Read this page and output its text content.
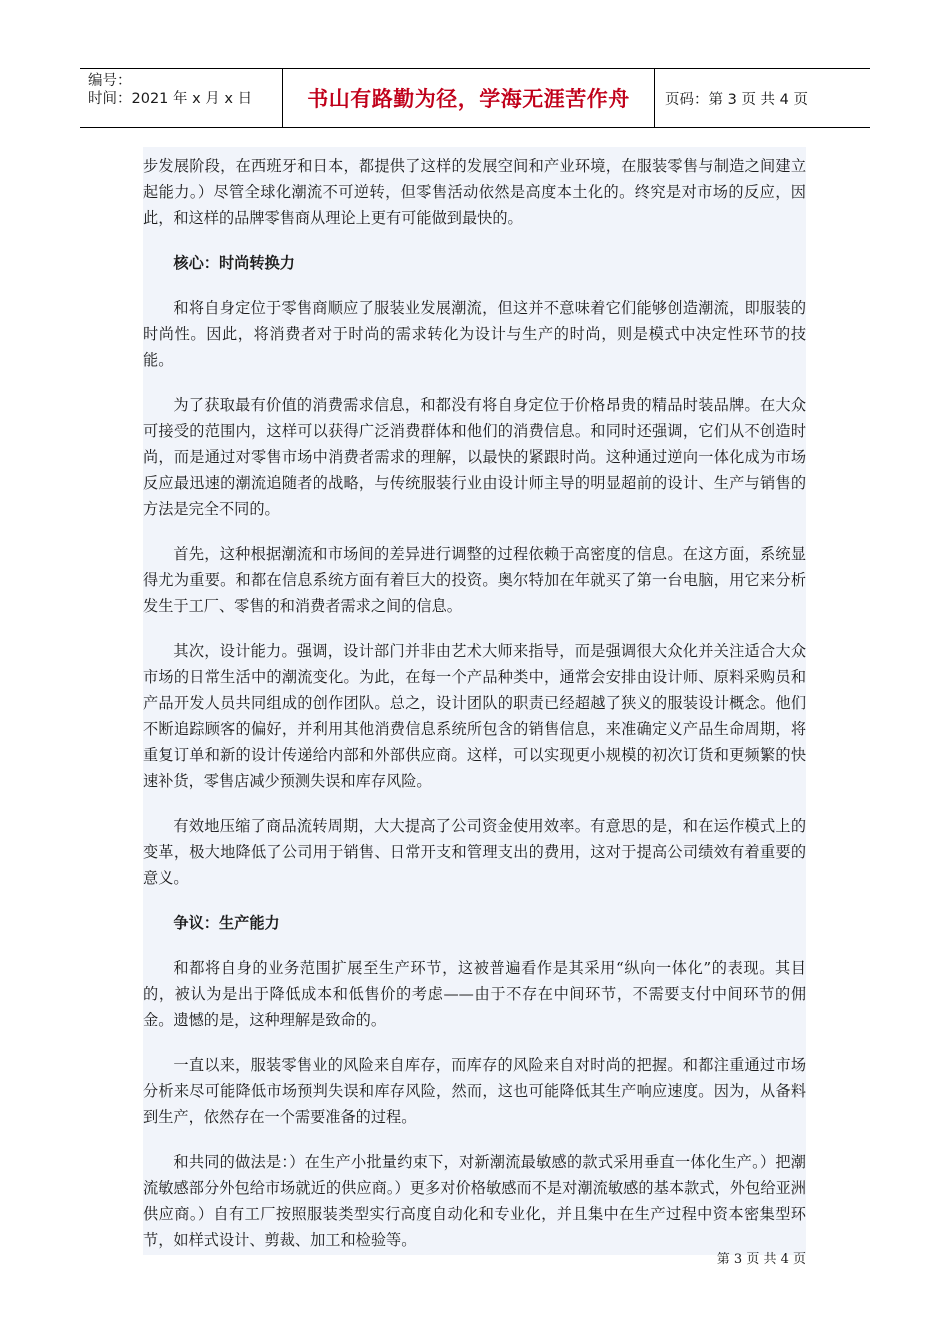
编号：
时间：2021 年 x 月 x 日	书山有路勤为径，学海无涯苦作舟	页码：第 3 页 共 4 页

步发展阶段，在西班牙和日本，都提供了这样的发展空间和产业环境，在服装零售与制造之间建立起能力。）尽管全球化潮流不可逆转，但零售活动依然是高度本土化的。终究是对市场的反应，因此，和这样的品牌零售商从理论上更有可能做到最快的。

核心：时尚转换力

和将自身定位于零售商顺应了服装业发展潮流，但这并不意味着它们能够创造潮流，即服装的时尚性。因此，将消费者对于时尚的需求转化为设计与生产的时尚，则是模式中决定性环节的技能。

为了获取最有价值的消费需求信息，和都没有将自身定位于价格昂贵的精品时装品牌。在大众可接受的范围内，这样可以获得广泛消费群体和他们的消费信息。和同时还强调，它们从不创造时尚，而是通过对零售市场中消费者需求的理解，以最快的紧跟时尚。这种通过逆向一体化成为市场反应最迅速的潮流追随者的战略，与传统服装行业由设计师主导的明显超前的设计、生产与销售的方法是完全不同的。

首先，这种根据潮流和市场间的差异进行调整的过程依赖于高密度的信息。在这方面，系统显得尤为重要。和都在信息系统方面有着巨大的投资。奥尔特加在年就买了第一台电脑，用它来分析发生于工厂、零售的和消费者需求之间的信息。

其次，设计能力。强调，设计部门并非由艺术大师来指导，而是强调很大众化并关注适合大众市场的日常生活中的潮流变化。为此，在每一个产品种类中，通常会安排由设计师、原料采购员和产品开发人员共同组成的创作团队。总之，设计团队的职责已经超越了狭义的服装设计概念。他们不断追踪顾客的偏好，并利用其他消费信息系统所包含的销售信息，来准确定义产品生命周期，将重复订单和新的设计传递给内部和外部供应商。这样，可以实现更小规模的初次订货和更频繁的快速补货，零售店减少预测失误和库存风险。

有效地压缩了商品流转周期，大大提高了公司资金使用效率。有意思的是，和在运作模式上的变革，极大地降低了公司用于销售、日常开支和管理支出的费用，这对于提高公司绩效有着重要的意义。

争议：生产能力

和都将自身的业务范围扩展至生产环节，这被普遍看作是其采用“纵向一体化”的表现。其目的，被认为是出于降低成本和低售价的考虑——由于不存在中间环节，不需要支付中间环节的佣金。遗憾的是，这种理解是致命的。

一直以来，服装零售业的风险来自库存，而库存的风险来自对时尚的把握。和都注重通过市场分析来尽可能降低市场预判失误和库存风险，然而，这也可能降低其生产响应速度。因为，从备料到生产，依然存在一个需要准备的过程。

和共同的做法是：）在生产小批量约束下，对新潮流最敏感的款式采用垂直一体化生产。）把潮流敏感部分外包给市场就近的供应商。）更多对价格敏感而不是对潮流敏感的基本款式，外包给亚洲供应商。）自有工厂按照服装类型实行高度自动化和专业化，并且集中在生产过程中资本密集型环节，如样式设计、剪裁、加工和检验等。

第 3 页 共 4 页
